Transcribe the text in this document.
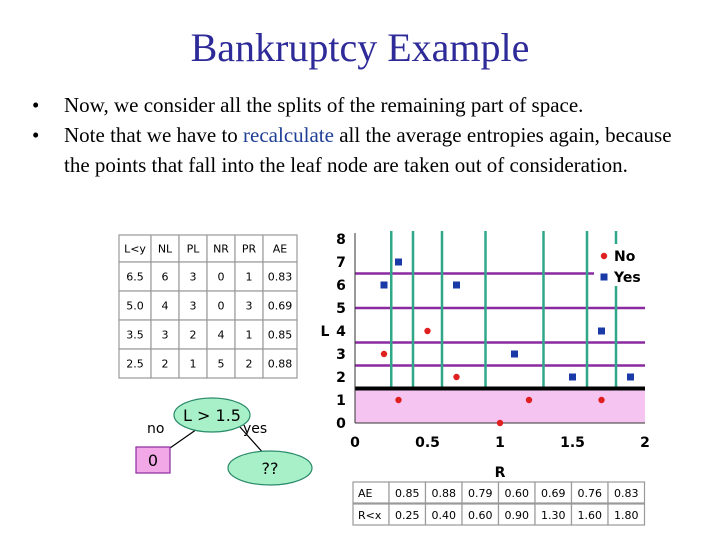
Bankruptcy Example
• Now, we consider all the splits of the remaining part of space.
• Note that we have to recalculate all the average entropies again, because the points that fall into the leaf node are taken out of consideration.
L<y NL PL NR PR AE
6.5 6 3 0 1 0.83
5.0 4 3 0 3 0.69
3.5 3 2 4 1 0.85
2.5 2 1 5 2 0.88
L > 1.5
no	yes
0	??
0
1
2
3
4
5
6
7
8
L
0	0.5	1	1.5	2
R
No
Yes
AE 0.85 0.88 0.79 0.60 0.69 0.76 0.83
R<x 0.25 0.40 0.60 0.90 1.30 1.60 1.80
